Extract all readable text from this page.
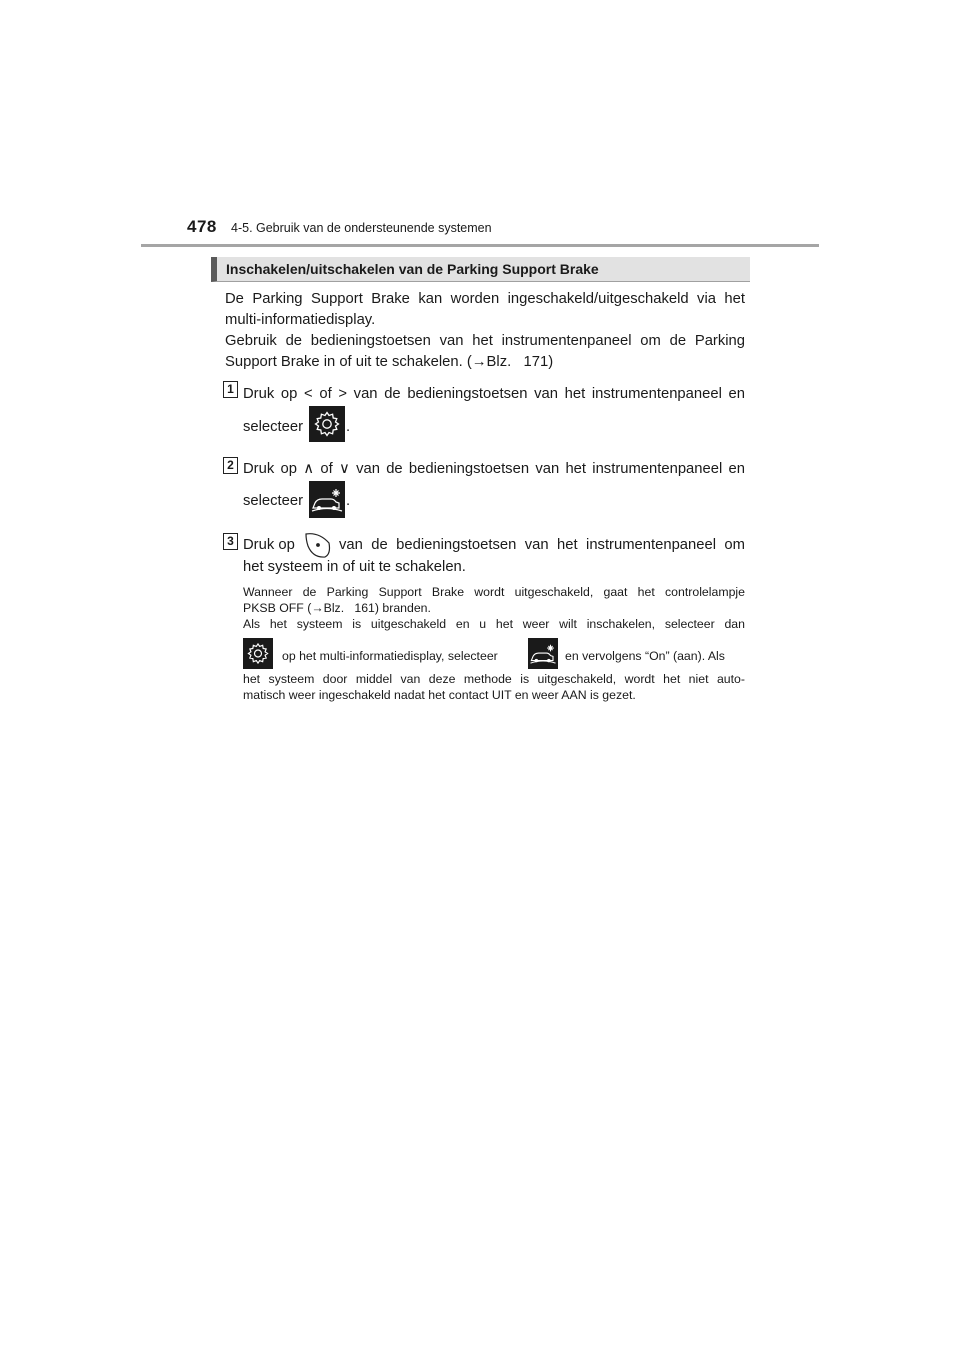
478 4-5. Gebruik van de ondersteunende systemen
Inschakelen/uitschakelen van de Parking Support Brake
De Parking Support Brake kan worden ingeschakeld/uitgeschakeld via het
multi-informatiedisplay.
Gebruik de bedieningstoetsen van het instrumentenpaneel om de Parking
Support Brake in of uit te schakelen. (→Blz.   171)
1 Druk op < of > van de bedieningstoetsen van het instrumentenpaneel en
selecteer	.
2 Druk op ∧ of ∨ van de bedieningstoetsen van het instrumentenpaneel en
selecteer	.
3 Druk op	van de bedieningstoetsen van het instrumentenpaneel om
het systeem in of uit te schakelen.
Wanneer de Parking Support Brake wordt uitgeschakeld, gaat het controlelampje
PKSB OFF (→Blz.   161) branden.
Als het systeem is uitgeschakeld en u het weer wilt inschakelen, selecteer dan
op het multi-informatiedisplay, selecteer	en vervolgens “On” (aan). Als
het systeem door middel van deze methode is uitgeschakeld, wordt het niet auto-
matisch weer ingeschakeld nadat het contact UIT en weer AAN is gezet.
